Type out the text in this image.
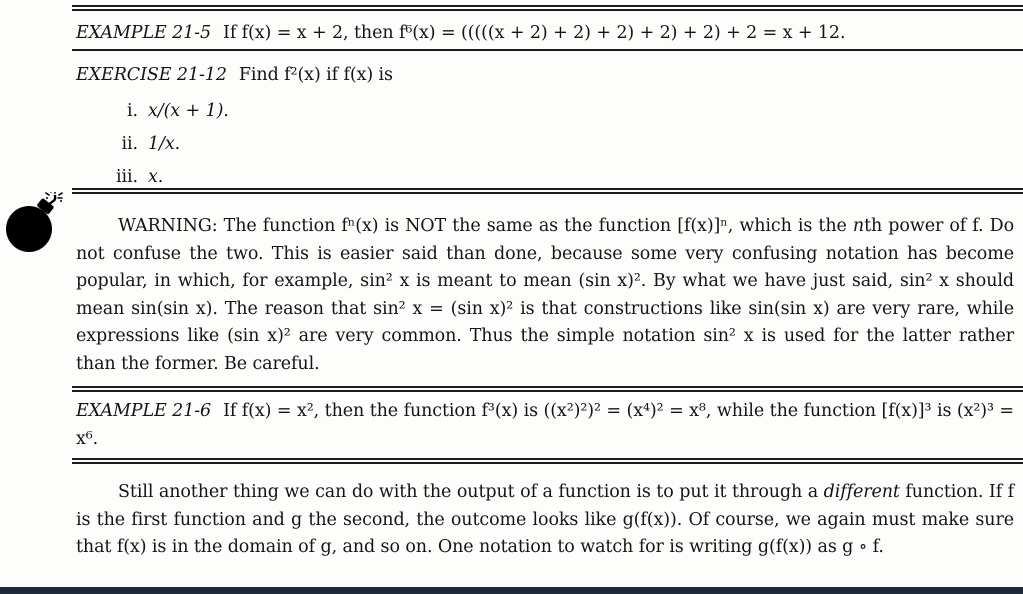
EXAMPLE 21-5 If f(x) = x + 2, then f⁶(x) = (((((x + 2) + 2) + 2) + 2) + 2) + 2 = x + 12.
EXERCISE 21-12 Find f²(x) if f(x) is
i. x/(x + 1).
ii. 1/x.
iii. x.
WARNING: The function fⁿ(x) is NOT the same as the function [f(x)]ⁿ, which is the nth power of f. Do not confuse the two. This is easier said than done, because some very confusing notation has become popular, in which, for example, sin² x is meant to mean (sin x)². By what we have just said, sin² x should mean sin(sin x). The reason that sin² x = (sin x)² is that constructions like sin(sin x) are very rare, while expressions like (sin x)² are very common. Thus the simple notation sin² x is used for the latter rather than the former. Be careful.
EXAMPLE 21-6 If f(x) = x², then the function f³(x) is ((x²)²)² = (x⁴)² = x⁸, while the function [f(x)]³ is (x²)³ = x⁶.
Still another thing we can do with the output of a function is to put it through a different function. If f is the first function and g the second, the outcome looks like g(f(x)). Of course, we again must make sure that f(x) is in the domain of g, and so on. One notation to watch for is writing g(f(x)) as g ∘ f.
